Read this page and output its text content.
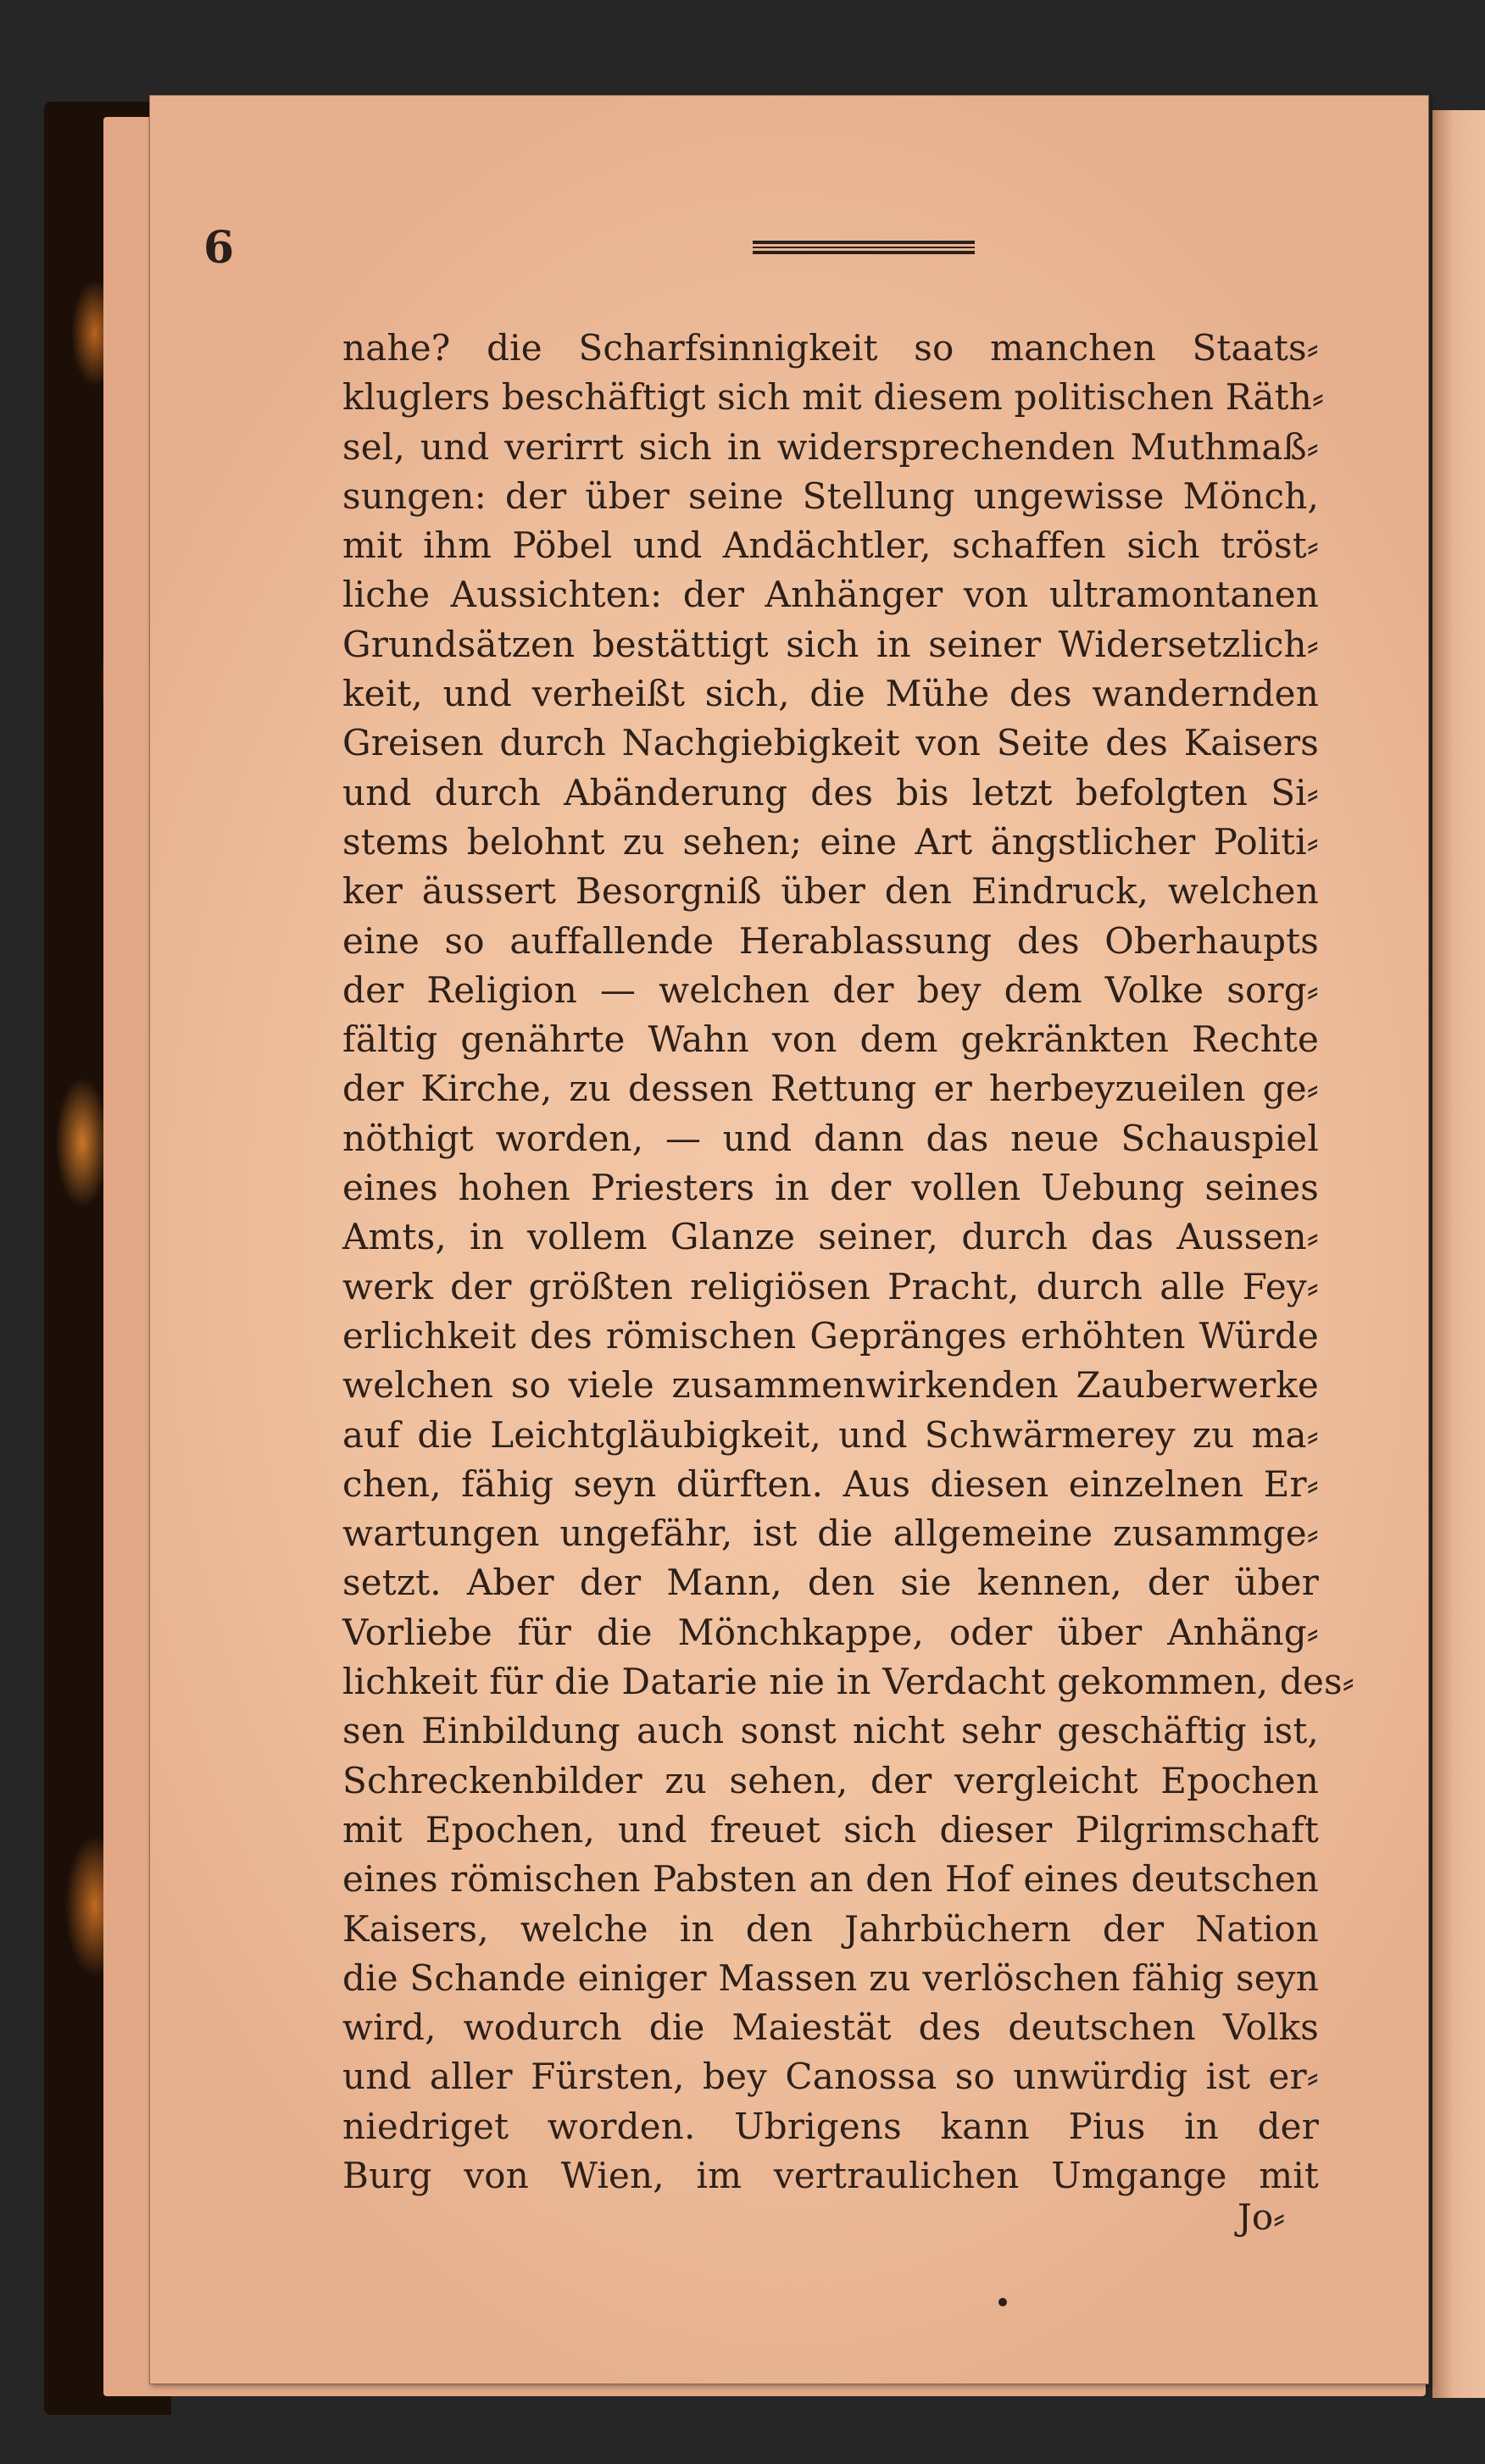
6
nahe? die Scharfsinnigkeit so manchen Staats⸗
kluglers beschäftigt sich mit diesem politischen Räth⸗
sel, und verirrt sich in widersprechenden Muthmaß⸗
sungen: der über seine Stellung ungewisse Mönch,
mit ihm Pöbel und Andächtler, schaffen sich tröst⸗
liche Aussichten: der Anhänger von ultramontanen
Grundsätzen bestättigt sich in seiner Widersetzlich⸗
keit, und verheißt sich, die Mühe des wandernden
Greisen durch Nachgiebigkeit von Seite des Kaisers
und durch Abänderung des bis letzt befolgten Si⸗
stems belohnt zu sehen; eine Art ängstlicher Politi⸗
ker äussert Besorgniß über den Eindruck, welchen
eine so auffallende Herablassung des Oberhaupts
der Religion — welchen der bey dem Volke sorg⸗
fältig genährte Wahn von dem gekränkten Rechte
der Kirche, zu dessen Rettung er herbeyzueilen ge⸗
nöthigt worden, — und dann das neue Schauspiel
eines hohen Priesters in der vollen Uebung seines
Amts, in vollem Glanze seiner, durch das Aussen⸗
werk der größten religiösen Pracht, durch alle Fey⸗
erlichkeit des römischen Gepränges erhöhten Würde
welchen so viele zusammenwirkenden Zauberwerke
auf die Leichtgläubigkeit, und Schwärmerey zu ma⸗
chen, fähig seyn dürften. Aus diesen einzelnen Er⸗
wartungen ungefähr, ist die allgemeine zusammge⸗
setzt. Aber der Mann, den sie kennen, der über
Vorliebe für die Mönchkappe, oder über Anhäng⸗
lichkeit für die Datarie nie in Verdacht gekommen, des⸗
sen Einbildung auch sonst nicht sehr geschäftig ist,
Schreckenbilder zu sehen, der vergleicht Epochen
mit Epochen, und freuet sich dieser Pilgrimschaft
eines römischen Pabsten an den Hof eines deutschen
Kaisers, welche in den Jahrbüchern der Nation
die Schande einiger Massen zu verlöschen fähig seyn
wird, wodurch die Maiestät des deutschen Volks
und aller Fürsten, bey Canossa so unwürdig ist er⸗
niedriget worden. Ubrigens kann Pius in der
Burg von Wien, im vertraulichen Umgange mit
Jo⸗
